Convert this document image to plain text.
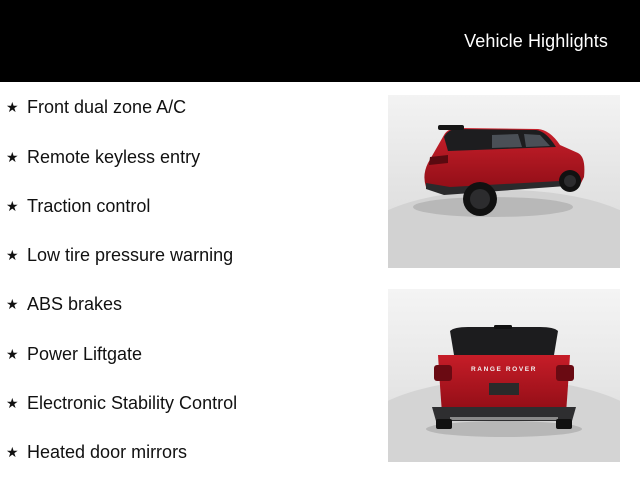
Vehicle Highlights
★ Front dual zone A/C
★ Remote keyless entry
★ Traction control
★ Low tire pressure warning
★ ABS brakes
★ Power Liftgate
★ Electronic Stability Control
★ Heated door mirrors
RANGE ROVER
